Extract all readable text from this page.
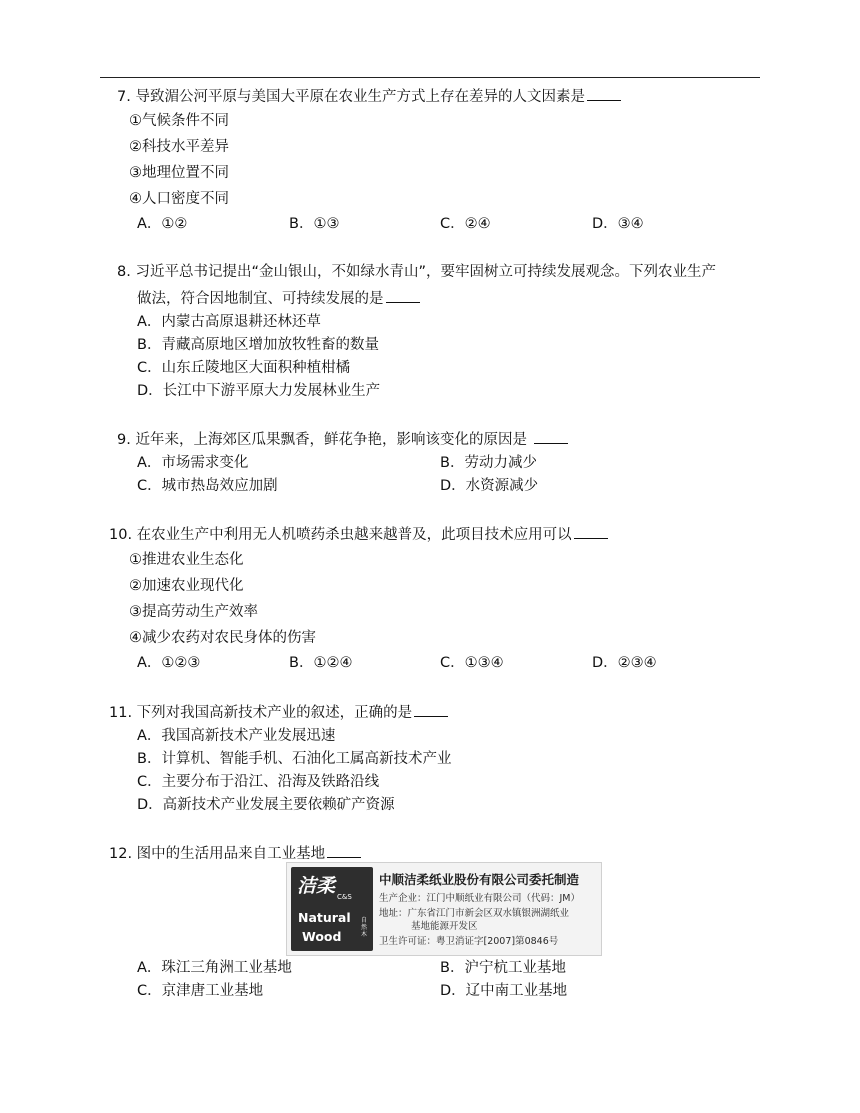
7. 导致湄公河平原与美国大平原在农业生产方式上存在差异的人文因素是
①气候条件不同
②科技水平差异
③地理位置不同
④人口密度不同
A．①②	B．①③	C．②④	D．③④
8. 习近平总书记提出“金山银山，不如绿水青山”，要牢固树立可持续发展观念。下列农业生产
做法，符合因地制宜、可持续发展的是
A．内蒙古高原退耕还林还草
B．青藏高原地区增加放牧牲畜的数量
C．山东丘陵地区大面积种植柑橘
D．长江中下游平原大力发展林业生产
9. 近年来，上海郊区瓜果飘香，鲜花争艳，影响该变化的原因是
A．市场需求变化	B．劳动力减少
C．城市热岛效应加剧	D．水资源减少
10. 在农业生产中利用无人机喷药杀虫越来越普及，此项目技术应用可以
①推进农业生态化
②加速农业现代化
③提高劳动生产效率
④减少农药对农民身体的伤害
A．①②③	B．①②④	C．①③④	D．②③④
11. 下列对我国高新技术产业的叙述，正确的是
A．我国高新技术产业发展迅速
B．计算机、智能手机、石油化工属高新技术产业
C．主要分布于沿江、沿海及铁路沿线
D．高新技术产业发展主要依赖矿产资源
12. 图中的生活用品来自工业基地
洁柔 C&S
Natural
Wood
自然木
中顺洁柔纸业股份有限公司委托制造
生产企业：江门中顺纸业有限公司（代码：JM）
地址：广东省江门市新会区双水镇银洲湖纸业
基地能源开发区
卫生许可证：粤卫消证字[2007]第0846号
A．珠江三角洲工业基地	B．沪宁杭工业基地
C．京津唐工业基地	D．辽中南工业基地
